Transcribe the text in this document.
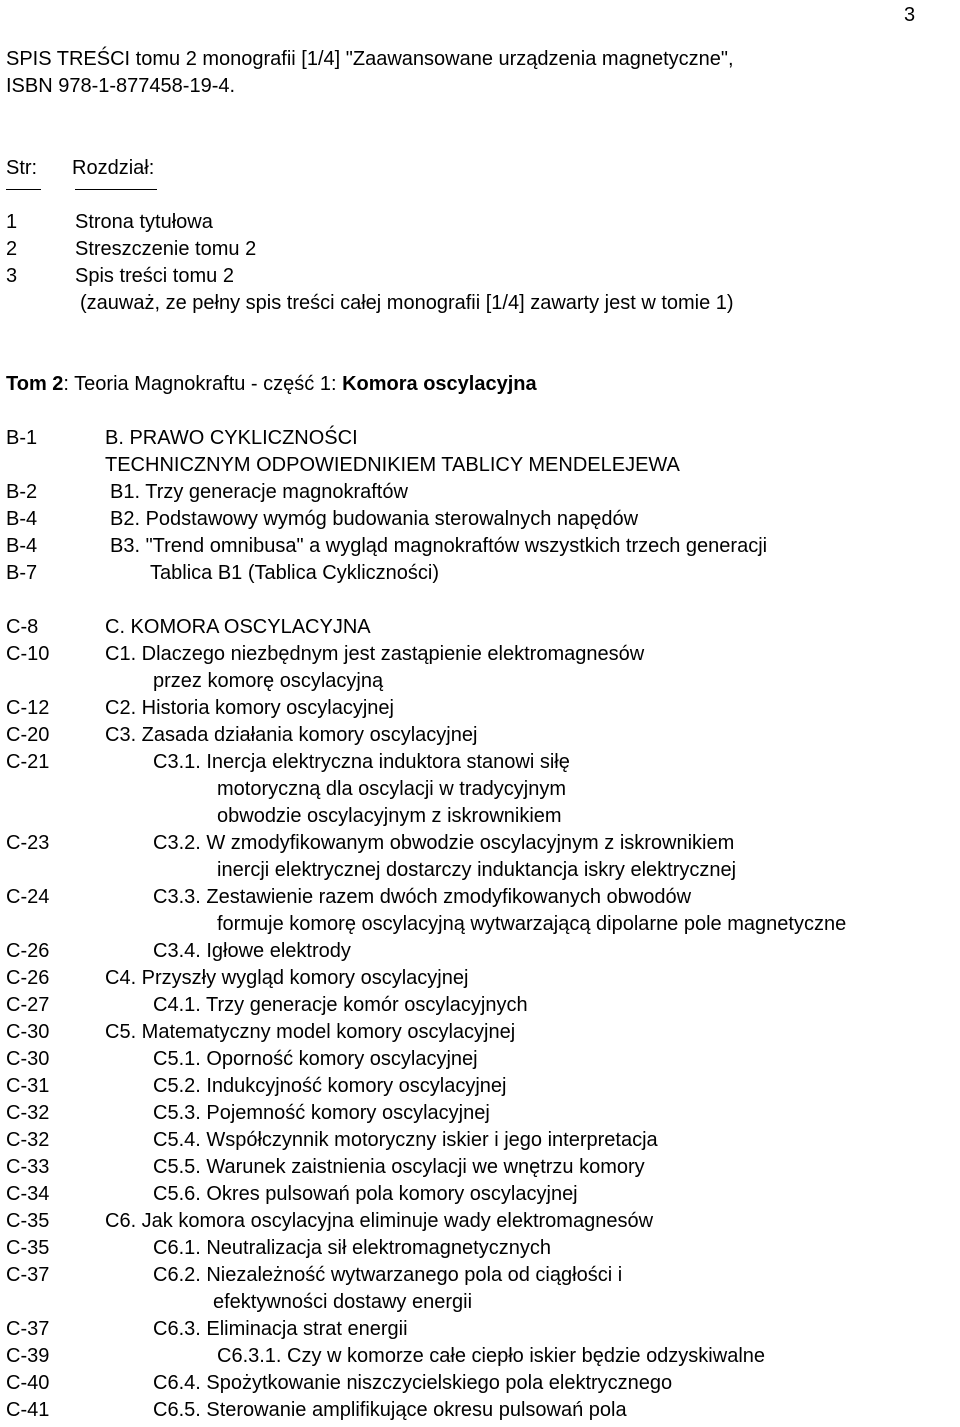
3
SPIS TREŚCI tomu 2 monografii [1/4] "Zaawansowane urządzenia magnetyczne",
ISBN 978-1-877458-19-4.
Str: Rozdział:
1	Strona tytułowa
2	Streszczenie tomu 2
3	Spis treści tomu 2
(zauważ, ze pełny spis treści całej monografii [1/4] zawarty jest w tomie 1)
Tom 2: Teoria Magnokraftu - część 1: Komora oscylacyjna
B-1	B. PRAWO CYKLICZNOŚCI
TECHNICZNYM ODPOWIEDNIKIEM TABLICY MENDELEJEWA
B-2	B1. Trzy generacje magnokraftów
B-4	B2. Podstawowy wymóg budowania sterowalnych napędów
B-4	B3. "Trend omnibusa" a wygląd magnokraftów wszystkich trzech generacji
B-7	Tablica B1 (Tablica Cykliczności)
C-8	C. KOMORA OSCYLACYJNA
C-10	C1. Dlaczego niezbędnym jest zastąpienie elektromagnesów
przez komorę oscylacyjną
C-12	C2. Historia komory oscylacyjnej
C-20	C3. Zasada działania komory oscylacyjnej
C-21	C3.1. Inercja elektryczna induktora stanowi siłę
motoryczną dla oscylacji w tradycyjnym
obwodzie oscylacyjnym z iskrownikiem
C-23	C3.2. W zmodyfikowanym obwodzie oscylacyjnym z iskrownikiem
inercji elektrycznej dostarczy induktancja iskry elektrycznej
C-24	C3.3. Zestawienie razem dwóch zmodyfikowanych obwodów
formuje komorę oscylacyjną wytwarzającą dipolarne pole magnetyczne
C-26	C3.4. Igłowe elektrody
C-26	C4. Przyszły wygląd komory oscylacyjnej
C-27	C4.1. Trzy generacje komór oscylacyjnych
C-30	C5. Matematyczny model komory oscylacyjnej
C-30	C5.1. Oporność komory oscylacyjnej
C-31	C5.2. Indukcyjność komory oscylacyjnej
C-32	C5.3. Pojemność komory oscylacyjnej
C-32	C5.4. Współczynnik motoryczny iskier i jego interpretacja
C-33	C5.5. Warunek zaistnienia oscylacji we wnętrzu komory
C-34	C5.6. Okres pulsowań pola komory oscylacyjnej
C-35	C6. Jak komora oscylacyjna eliminuje wady elektromagnesów
C-35	C6.1. Neutralizacja sił elektromagnetycznych
C-37	C6.2. Niezależność wytwarzanego pola od ciągłości i
efektywności dostawy energii
C-37	C6.3. Eliminacja strat energii
C-39	C6.3.1. Czy w komorze całe ciepło iskier będzie odzyskiwalne
C-40	C6.4. Spożytkowanie niszczycielskiego pola elektrycznego
C-41	C6.5. Sterowanie amplifikujące okresu pulsowań pola
